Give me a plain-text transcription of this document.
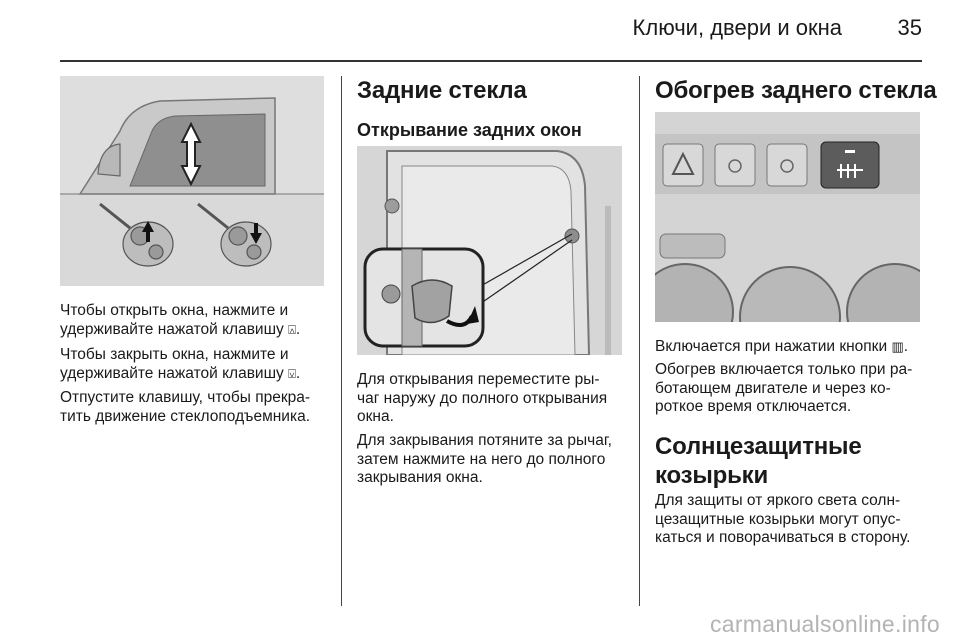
Ключи, двери и окна	35

Чтобы открыть окна, нажмите и
удерживайте нажатой клавишу ⍓.

Чтобы закрыть окна, нажмите и
удерживайте нажатой клавишу ⍌.

Отпустите клавишу, чтобы прекра-
тить движение стеклоподъемника.

Задние стекла
Открывание задних окон

Для открывания переместите ры-
чаг наружу до полного открывания
окна.

Для закрывания потяните за рычаг,
затем нажмите на него до полного
закрывания окна.

Обогрев заднего стекла

Включается при нажатии кнопки ▥.

Обогрев включается только при ра-
ботающем двигателе и через ко-
роткое время отключается.

Солнцезащитные
козырьки

Для защиты от яркого света солн-
цезащитные козырьки могут опус-
каться и поворачиваться в сторону.

carmanualsonline.info
